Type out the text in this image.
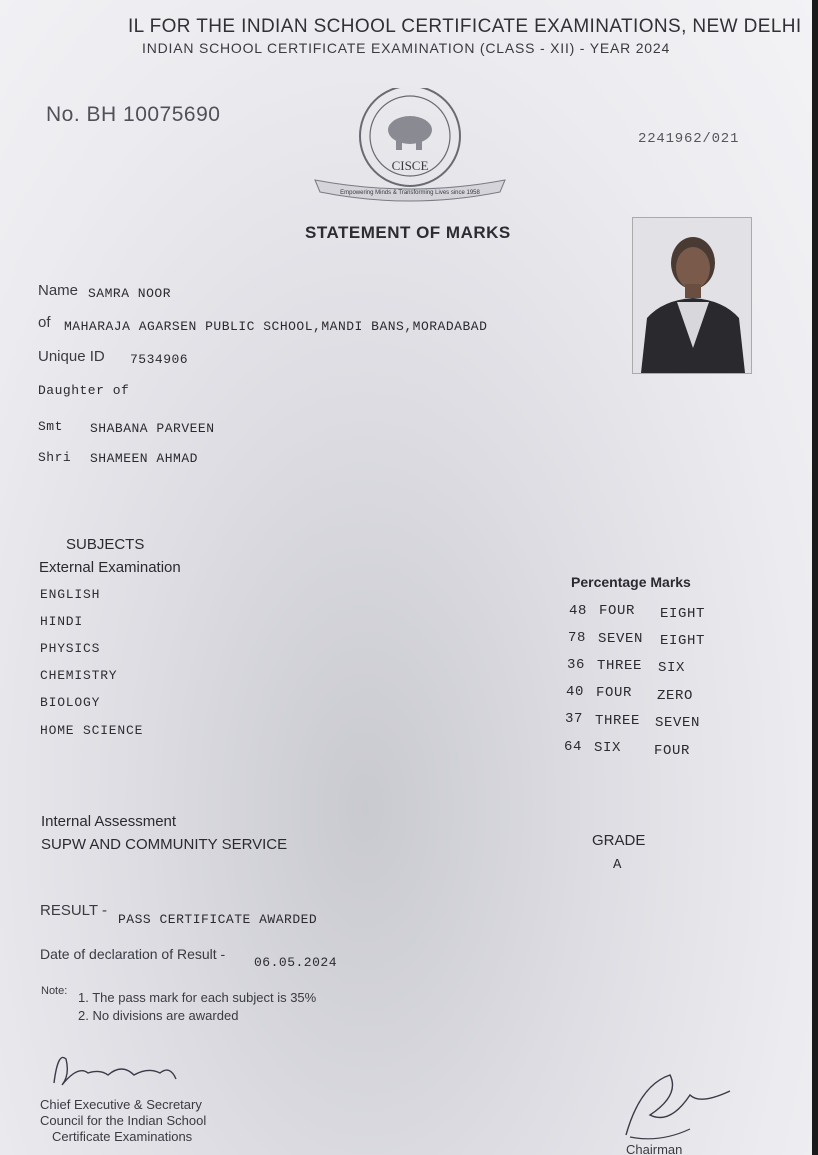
IL FOR THE INDIAN SCHOOL CERTIFICATE EXAMINATIONS, NEW DELHI
INDIAN SCHOOL CERTIFICATE EXAMINATION (CLASS - XII) - YEAR 2024
No. BH 10075690
2241962/021
CISCE
Empowering Minds & Transforming Lives since 1958
STATEMENT OF MARKS
Name SAMRA NOOR
of MAHARAJA AGARSEN PUBLIC SCHOOL,MANDI BANS,MORADABAD
Unique ID 7534906
Daughter of
Smt SHABANA PARVEEN
Shri SHAMEEN AHMAD
SUBJECTS
External Examination
Percentage Marks
ENGLISH
HINDI
PHYSICS
CHEMISTRY
BIOLOGY
HOME SCIENCE
48 FOUR EIGHT
78 SEVEN EIGHT
36 THREE SIX
40 FOUR ZERO
37 THREE SEVEN
64 SIX FOUR
Internal Assessment
SUPW AND COMMUNITY SERVICE	GRADE
A
RESULT -
PASS CERTIFICATE AWARDED
Date of declaration of Result -
06.05.2024
Note: 1. The pass mark for each subject is 35%
2. No divisions are awarded
Chief Executive & Secretary
Council for the Indian School
Certificate Examinations
Chairman
